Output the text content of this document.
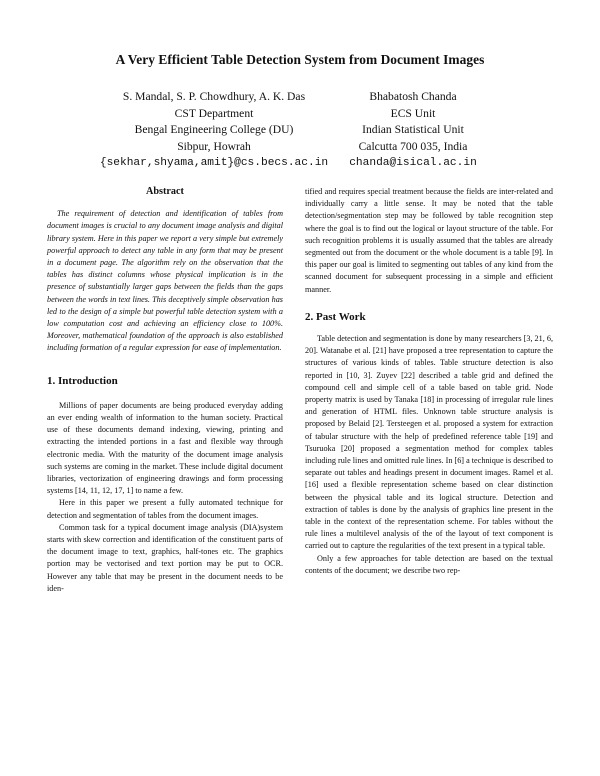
A Very Efficient Table Detection System from Document Images
S. Mandal, S. P. Chowdhury, A. K. Das
CST Department
Bengal Engineering College (DU)
Sibpur, Howrah
{sekhar,shyama,amit}@cs.becs.ac.in
Bhabatosh Chanda
ECS Unit
Indian Statistical Unit
Calcutta 700 035, India
chanda@isical.ac.in
Abstract

The requirement of detection and identification of tables from document images is crucial to any document image analysis and digital library system. Here in this paper we report a very simple but extremely powerful approach to detect any table in any form that may be present in a document page. The algorithm rely on the observation that the tables has distinct columns whose physical implication is in the presence of substantially larger gaps between the fields than the gaps between the words in text lines. This deceptively simple observation has led to the design of a simple but powerful table detection system with a low computation cost and achieving an efficiency close to 100%. Moreover, mathematical foundation of the approach is also established including formation of a regular expression for ease of implementation.

1. Introduction

Millions of paper documents are being produced everyday adding an ever ending wealth of information to the human society. Practical use of these documents demand indexing, viewing, printing and extracting the intended portions in a fast and flexible way through electronic media. With the maturity of the document image analysis such systems are coming in the market. These include digital document libraries, vectorization of engineering drawings and form processing systems [14, 11, 12, 17, 1] to name a few.

Here in this paper we present a fully automated technique for detection and segmentation of tables from the document images.

Common task for a typical document image analysis (DIA)system starts with skew correction and identification of the constituent parts of the document image to text, graphics, half-tones etc. The graphics portion may be vectorised and text portion may be put to OCR. However any table that may be present in the document needs to be iden-

tified and requires special treatment because the fields are inter-related and individually carry a little sense. It may be noted that the table detection/segmentation step may be followed by table recognition step where the goal is to find out the logical or layout structure of the table. For such recognition problems it is usually assumed that the tables are already segmented out from the document or the whole document is a table [9]. In this paper our goal is limited to segmenting out tables of any kind from the scanned document for subsequent processing in a simple and efficient manner.

2. Past Work

Table detection and segmentation is done by many researchers [3, 21, 6, 20]. Watanabe et al. [21] have proposed a tree representation to capture the structures of various kinds of tables. Table structure detection is also reported in [10, 3]. Zuyev [22] described a table grid and defined the compound cell and simple cell of a table based on table grid. Node property matrix is used by Tanaka [18] in processing of irregular rule lines and generation of HTML files. Unknown table structure analysis is proposed by Belaid [2]. Tersteegen et al. proposed a system for extraction of tabular structure with the help of predefined reference table [19] and Tsuruoka [20] proposed a segmentation method for complex tables including rule lines and omitted rule lines. In [6] a technique is described to separate out tables and headings present in document images. Ramel et al. [16] used a flexible representation scheme based on clear distinction between the physical table and its logical structure. Detection and extraction of tables is done by the analysis of graphics line present in the table in the context of the representation scheme. For tables without the rule lines a multilevel analysis of the of the layout of text component is carried out to capture the regularities of the text present in a typical table.

Only a few approaches for table detection are based on the textual contents of the document; we describe two rep-
